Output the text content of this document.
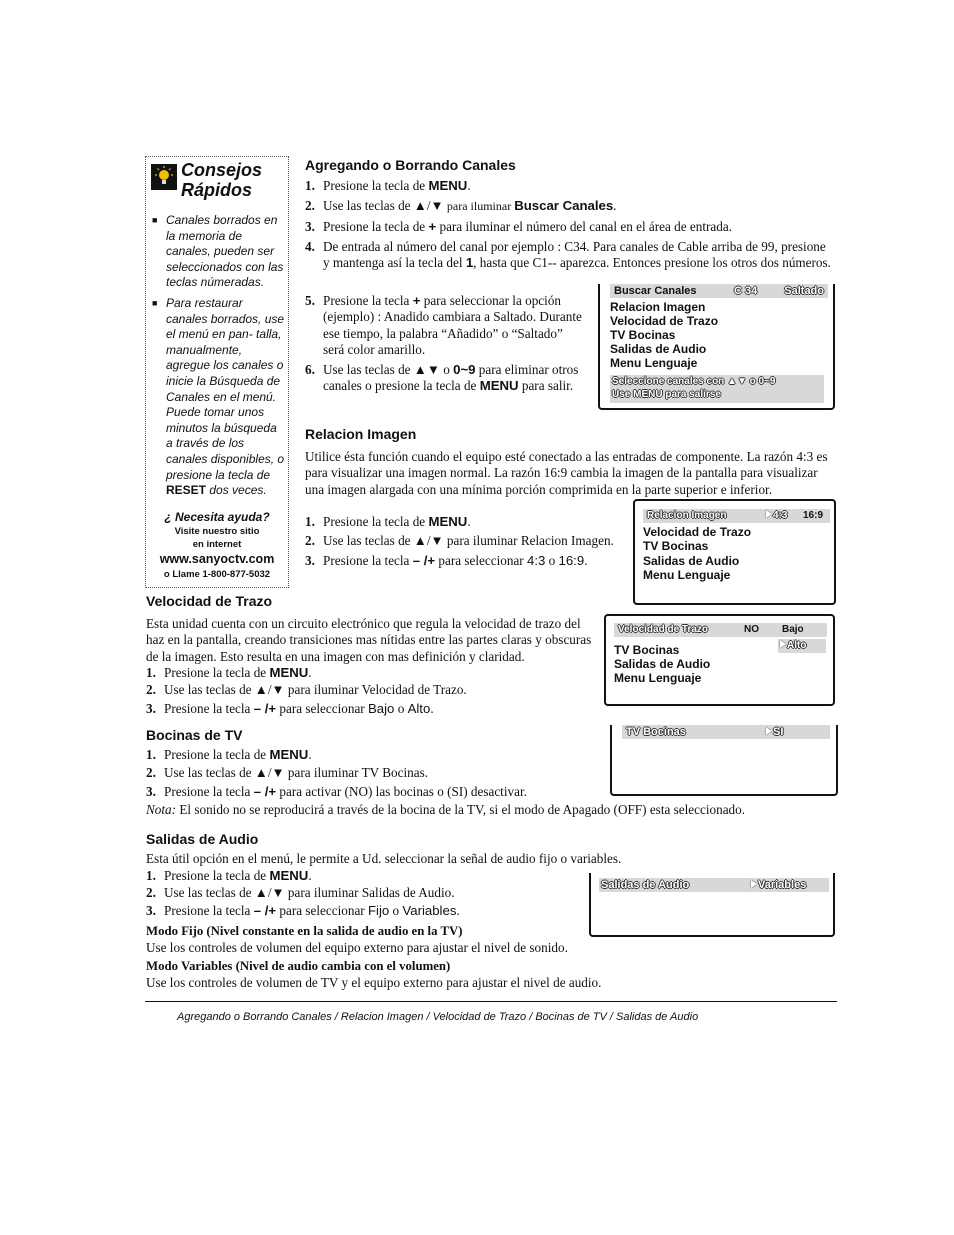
Consejos
Rápidos
■ Canales borrados en la memoria de canales, pueden ser seleccionados con las teclas númeradas.
■ Para restaurar canales borrados, use el menú en pan- talla, manualmente, agregue los canales o inicie la Búsqueda de Canales en el menú. Puede tomar unos minutos la búsqueda a través de los canales disponibles, o presione la tecla de RESET dos veces.
¿ Necesita ayuda?
Visite nuestro sitio
en internet
www.sanyoctv.com
o Llame 1-800-877-5032
Agregando o Borrando Canales
1. Presione la tecla de MENU.
2. Use las teclas de ▲/▼ para iluminar Buscar Canales.
3. Presione la tecla de + para iluminar el número del canal en el área de entrada.
4. De entrada al número del canal por ejemplo : C34. Para canales de Cable arriba de 99, presione y mantenga así la tecla del 1, hasta que C1-- aparezca. Entonces presione los otros dos números.
5. Presione la tecla + para seleccionar la opción (ejemplo) : Anadido cambiara a Saltado. Durante ese tiempo, la palabra “Añadido” o “Saltado” será color amarillo.
6. Use las teclas de ▲▼ o 0~9 para eliminar otros canales o presione la tecla de MENU para salir.
Buscar Canales	C 34 Saltado
Relacion Imagen
Velocidad de Trazo
TV Bocinas
Salidas de Audio
Menu Lenguaje
Seleccione canales con ▲▼ o 0~9
Use MENU para salirse
Relacion Imagen
Utilice ésta función cuando el equipo esté conectado a las entradas de componente. La razón 4:3 es para visualizar una imagen normal. La razón 16:9 cambia la imagen de la pantalla para visualizar una imagen alargada con una mínima porción comprimida en la parte superior e inferior.
1. Presione la tecla de MENU.
2. Use las teclas de ▲/▼ para iluminar Relacion Imagen.
3. Presione la tecla – /+ para seleccionar 4:3 o 16:9.
Relacion Imagen	4:3 16:9
Velocidad de Trazo
TV Bocinas
Salidas de Audio
Menu Lenguaje
Velocidad de Trazo
Esta unidad cuenta con un circuito electrónico que regula la velocidad de trazo del haz en la pantalla, creando transiciones mas nítidas entre las partes claras y obscuras de la imagen. Esto resulta en una imagen con mas definición y claridad.
1. Presione la tecla de MENU.
2. Use las teclas de ▲/▼ para iluminar Velocidad de Trazo.
3. Presione la tecla – /+ para seleccionar Bajo o Alto.
Velocidad de Trazo	NO Bajo
Alto
TV Bocinas
Salidas de Audio
Menu Lenguaje
Bocinas de TV
1. Presione la tecla de MENU.
2. Use las teclas de ▲/▼ para iluminar TV Bocinas.
3. Presione la tecla – /+ para activar (NO) las bocinas o (SI) desactivar.
Nota: El sonido no se reproducirá a través de la bocina de la TV, si el modo de Apagado (OFF) esta seleccionado.
TV Bocinas	SI
Salidas de Audio
Esta útil opción en el menú, le permite a Ud. seleccionar la señal de audio fijo o variables.
1. Presione la tecla de MENU.
2. Use las teclas de ▲/▼ para iluminar Salidas de Audio.
3. Presione la tecla – /+ para seleccionar Fijo o Variables.
Modo Fijo (Nivel constante en la salida de audio en la TV)
Use los controles de volumen del equipo externo para ajustar el nivel de sonido.
Modo Variables (Nivel de audio cambia con el volumen)
Use los controles de volumen de TV y el equipo externo para ajustar el nivel de audio.
Salidas de Audio	Variables
Agregando o Borrando Canales / Relacion Imagen / Velocidad de Trazo / Bocinas de TV / Salidas de Audio
